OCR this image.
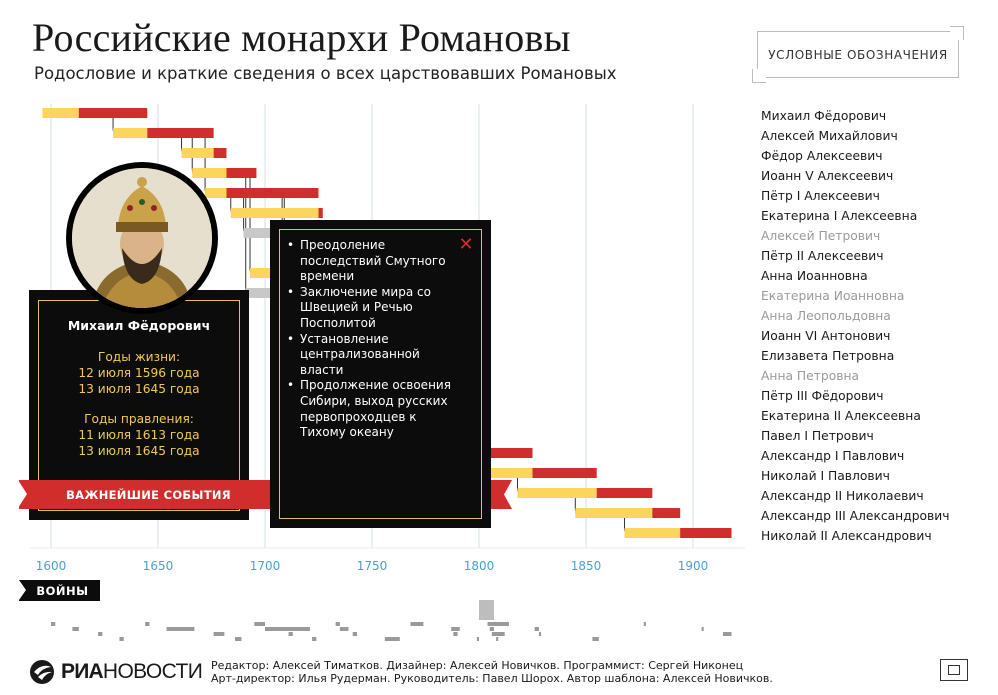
Российские монархи Романовы
Родословие и краткие сведения о всех царствовавших Романовых
УСЛОВНЫЕ ОБОЗНАЧЕНИЯ
1600	1650	1700	1750	1800	1850	1900
Михаил Фёдорович
Алексей Михайлович
Фёдор Алексеевич
Иоанн V Алексеевич
Пётр I Алексеевич
Екатерина I Алексеевна
Алексей Петрович
Пётр II Алексеевич
Анна Иоанновна
Екатерина Иоанновна
Анна Леопольдовна
Иоанн VI Антонович
Елизавета Петровна
Анна Петровна
Пётр III Фёдорович
Екатерина II Алексеевна
Павел I Петрович
Александр I Павлович
Николай I Павлович
Александр II Николаевич
Александр III Александрович
Николай II Александрович
Михаил Фёдорович
Годы жизни:
12 июля 1596 года
13 июля 1645 года
Годы правления:
11 июля 1613 года
13 июля 1645 года
ВАЖНЕЙШИЕ СОБЫТИЯ
• Преодоление последствий Смутного времени
• Заключение мира со Швецией и Речью Посполитой
• Установление централизованной власти
• Продолжение освоения Сибири, выход русских первопроходцев к Тихому океану
✕
ВОЙНЫ
РИАНОВОСТИ Редактор: Алексей Тиматков. Дизайнер: Алексей Новичков. Программист: Сергей Никонец
Арт-директор: Илья Рудерман. Руководитель: Павел Шорох. Автор шаблона: Алексей Новичков.
